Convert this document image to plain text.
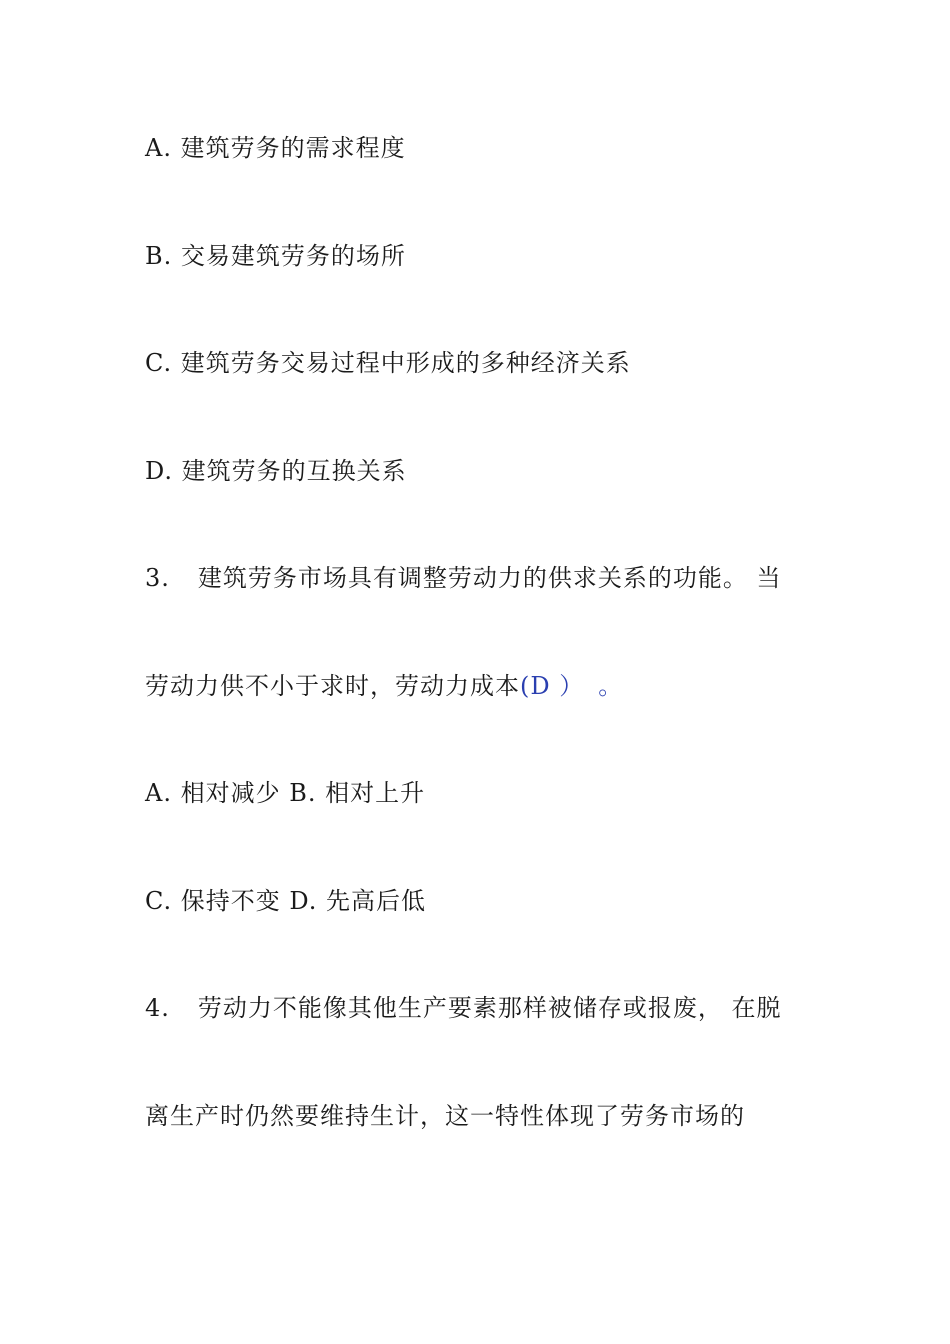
A. 建筑劳务的需求程度
B. 交易建筑劳务的场所
C. 建筑劳务交易过程中形成的多种经济关系
D. 建筑劳务的互换关系
3. 建筑劳务市场具有调整劳动力的供求关系的功能。 当
劳动力供不小于求时，劳动力成本(D ） 。
A. 相对减少 B. 相对上升
C. 保持不变 D. 先高后低
4. 劳动力不能像其他生产要素那样被储存或报废， 在脱
离生产时仍然要维持生计，这一特性体现了劳务市场的
